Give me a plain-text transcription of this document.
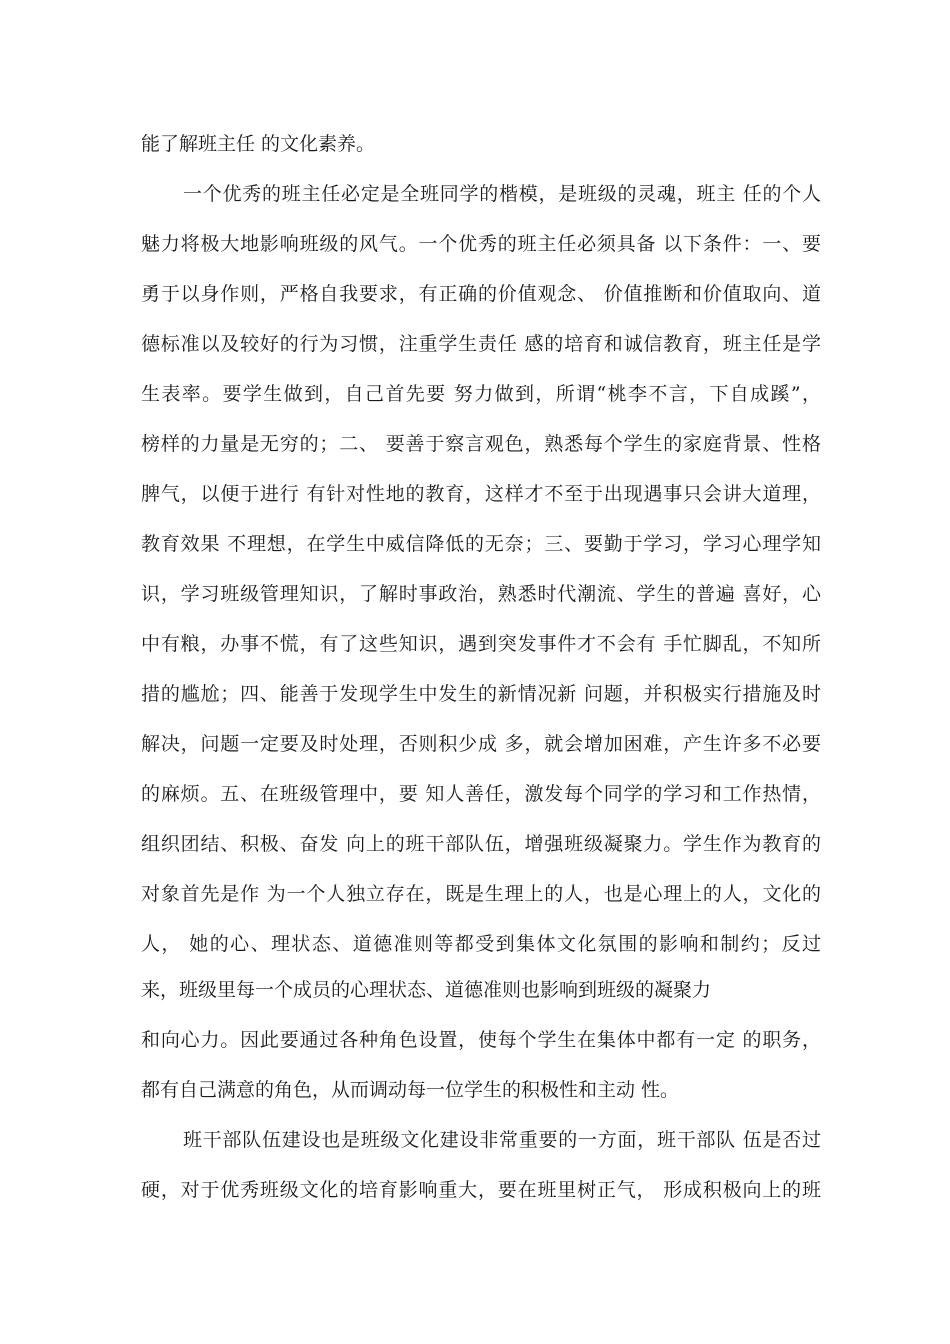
能了解班主任 的文化素养。
一个优秀的班主任必定是全班同学的楷模，是班级的灵魂，班主 任的个人
魅力将极大地影响班级的风气。一个优秀的班主任必须具备 以下条件：一、要
勇于以身作则，严格自我要求，有正确的价值观念、 价值推断和价值取向、道
德标准以及较好的行为习惯，注重学生责任 感的培育和诚信教育，班主任是学
生表率。要学生做到，自己首先要 努力做到，所谓“桃李不言，下自成蹊”，
榜样的力量是无穷的；二、 要善于察言观色，熟悉每个学生的家庭背景、性格
脾气，以便于进行 有针对性地的教育，这样才不至于出现遇事只会讲大道理，
教育效果 不理想，在学生中威信降低的无奈；三、要勤于学习，学习心理学知
识，学习班级管理知识，了解时事政治，熟悉时代潮流、学生的普遍 喜好，心
中有粮，办事不慌，有了这些知识，遇到突发事件才不会有 手忙脚乱，不知所
措的尴尬；四、能善于发现学生中发生的新情况新 问题，并积极实行措施及时
解决，问题一定要及时处理，否则积少成 多，就会增加困难，产生许多不必要
的麻烦。五、在班级管理中，要 知人善任，激发每个同学的学习和工作热情，
组织团结、积极、奋发 向上的班干部队伍，增强班级凝聚力。学生作为教育的
对象首先是作 为一个人独立存在，既是生理上的人，也是心理上的人，文化的
人， 她的心、理状态、道德准则等都受到集体文化氛围的影响和制约；反过
来，班级里每一个成员的心理状态、道德准则也影响到班级的凝聚力
和向心力。因此要通过各种角色设置，使每个学生在集体中都有一定 的职务，
都有自己满意的角色，从而调动每一位学生的积极性和主动 性。
班干部队伍建设也是班级文化建设非常重要的一方面，班干部队 伍是否过
硬，对于优秀班级文化的培育影响重大，要在班里树正气， 形成积极向上的班
